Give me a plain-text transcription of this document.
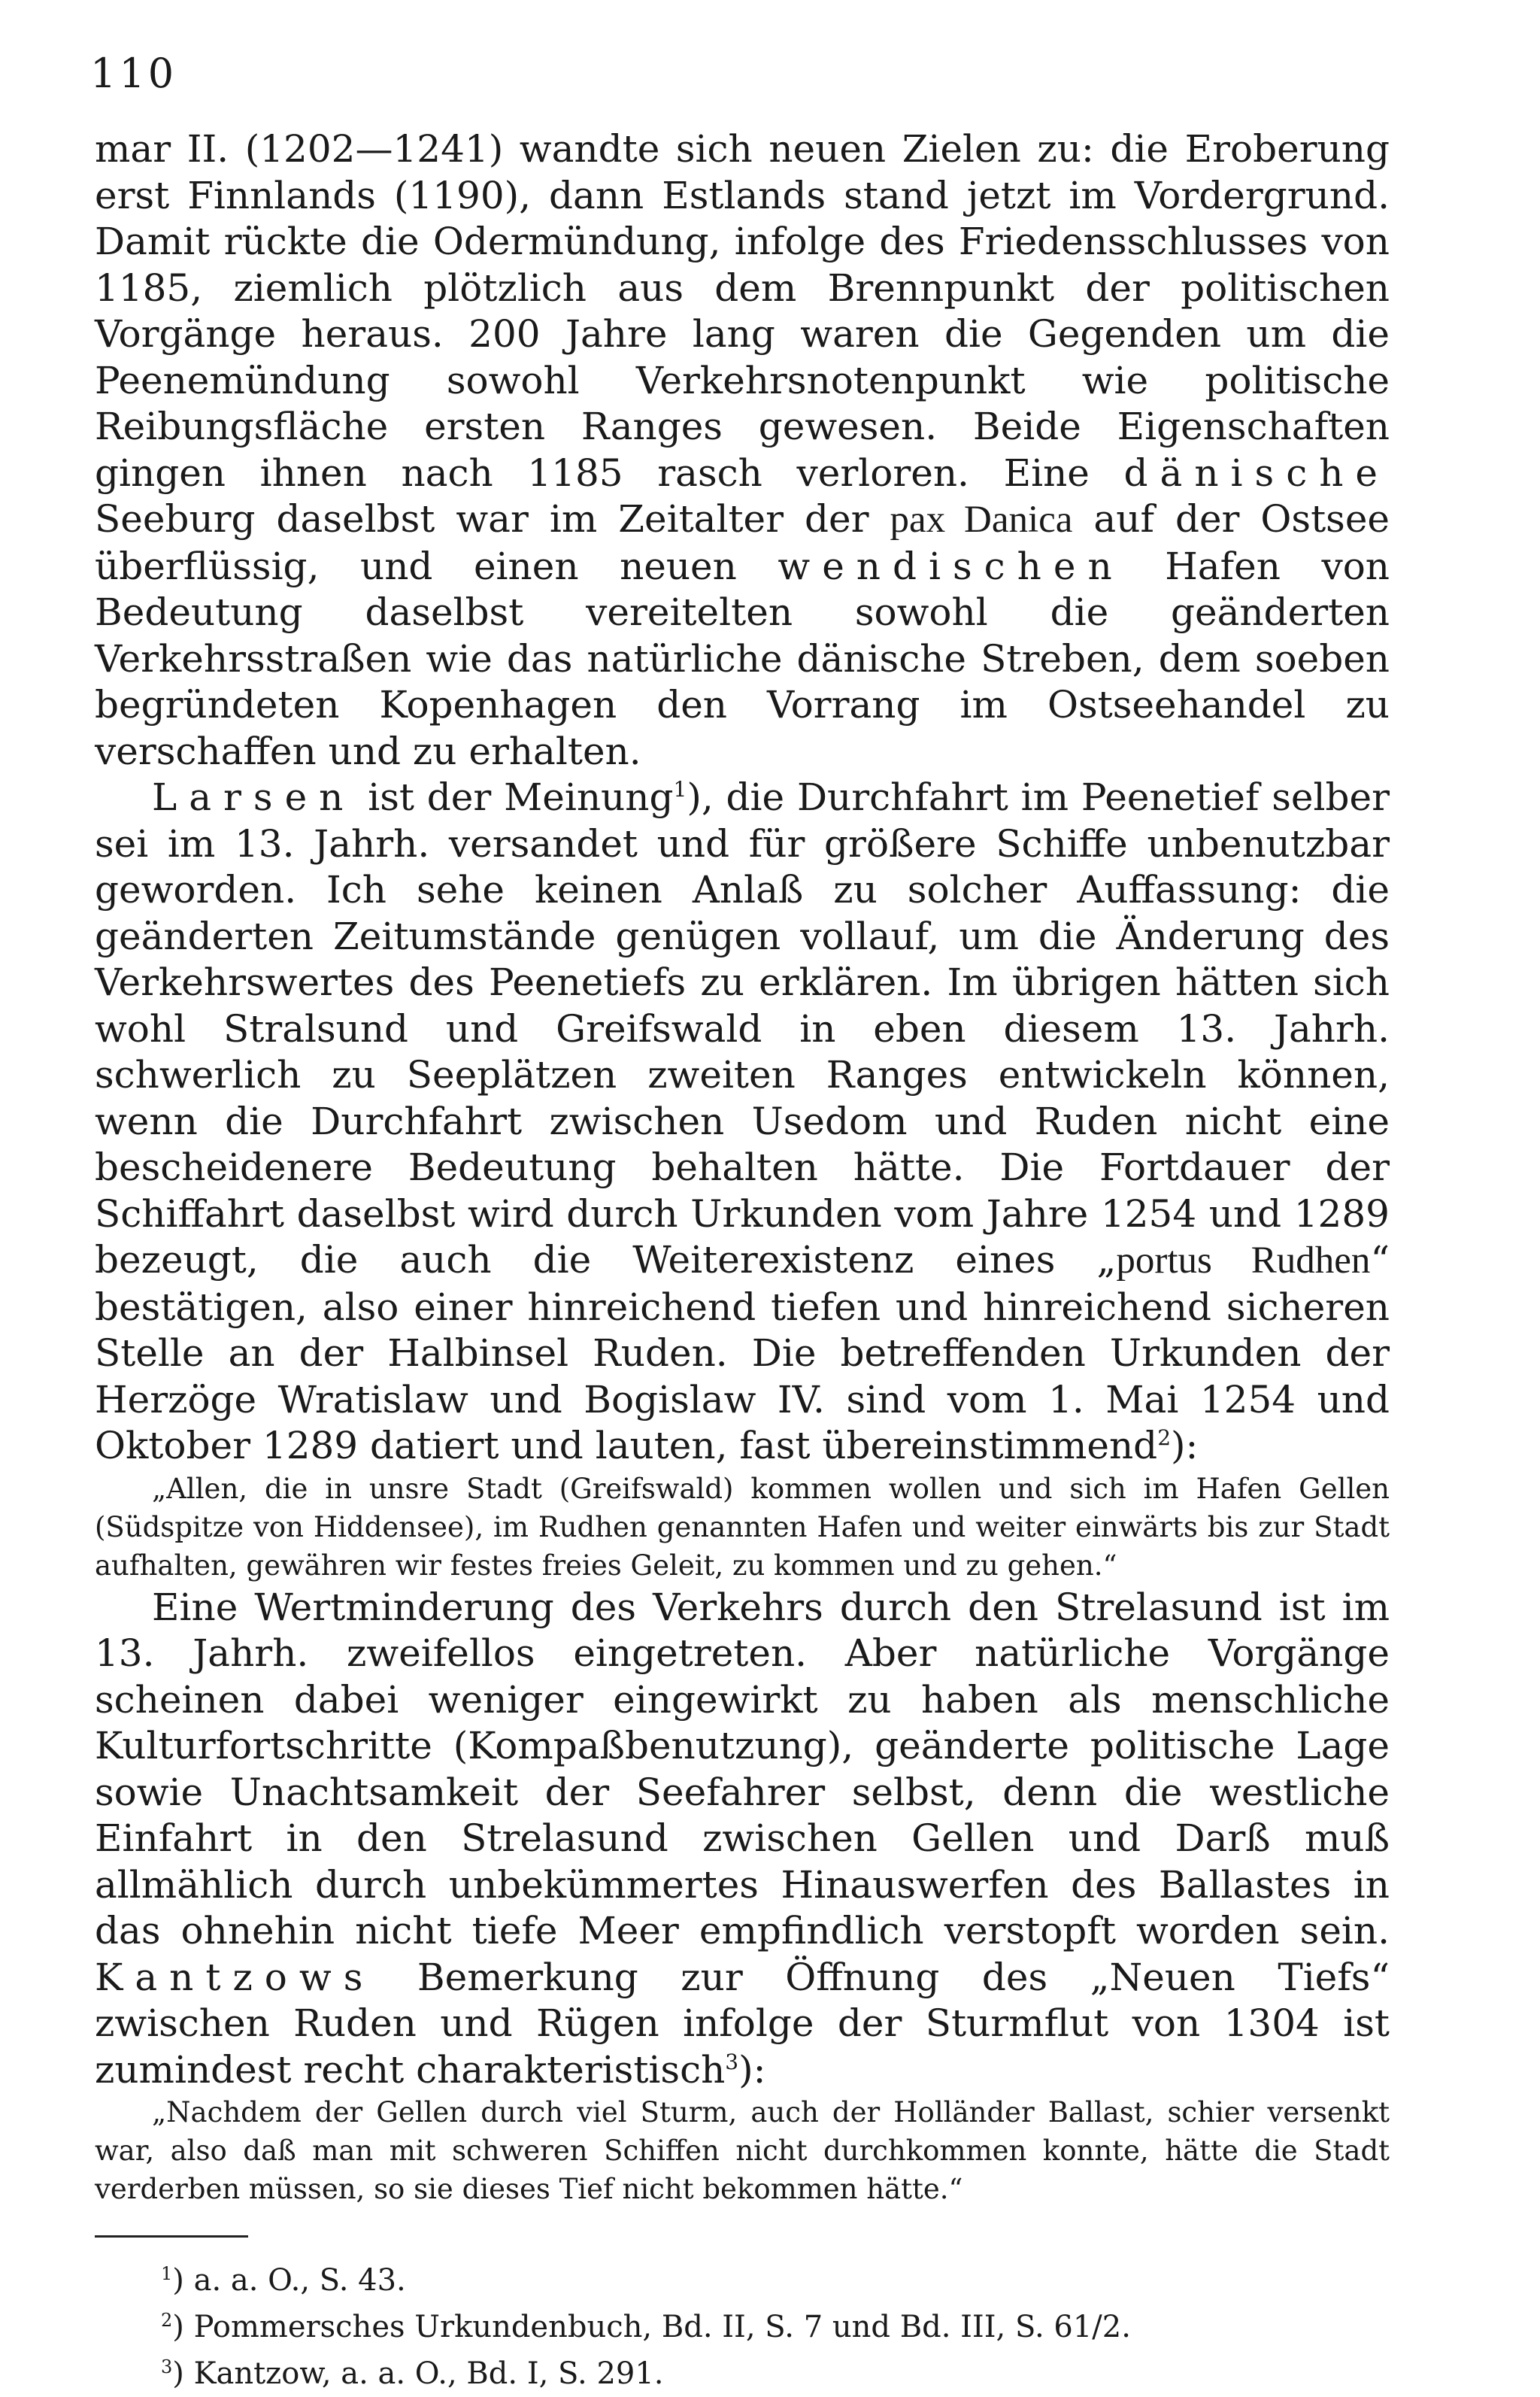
110

mar II. (1202—1241) wandte sich neuen Zielen zu: die Eroberung erst Finnlands (1190), dann Estlands stand jetzt im Vordergrund. Damit rückte die Odermündung, infolge des Friedensschlusses von 1185, ziemlich plötzlich aus dem Brennpunkt der politischen Vorgänge heraus. 200 Jahre lang waren die Gegenden um die Peenemündung sowohl Verkehrsnotenpunkt wie politische Reibungsfläche ersten Ranges gewesen. Beide Eigenschaften gingen ihnen nach 1185 rasch verloren. Eine dänische Seeburg daselbst war im Zeitalter der pax Danica auf der Ostsee überflüssig, und einen neuen wendischen Hafen von Bedeutung daselbst vereitelten sowohl die geänderten Verkehrsstraßen wie das natürliche dänische Streben, dem soeben begründeten Kopenhagen den Vorrang im Ostseehandel zu verschaffen und zu erhalten.

Larsen ist der Meinung$^1$), die Durchfahrt im Peenetief selber sei im 13. Jahrh. versandet und für größere Schiffe unbenutzbar geworden. Ich sehe keinen Anlaß zu solcher Auffassung: die geänderten Zeitumstände genügen vollauf, um die Änderung des Verkehrswertes des Peenetiefs zu erklären. Im übrigen hätten sich wohl Stralsund und Greifswald in eben diesem 13. Jahrh. schwerlich zu Seeplätzen zweiten Ranges entwickeln können, wenn die Durchfahrt zwischen Usedom und Ruden nicht eine bescheidenere Bedeutung behalten hätte. Die Fortdauer der Schiffahrt daselbst wird durch Urkunden vom Jahre 1254 und 1289 bezeugt, die auch die Weiterexistenz eines „portus Rudhen“ bestätigen, also einer hinreichend tiefen und hinreichend sicheren Stelle an der Halbinsel Ruden. Die betreffenden Urkunden der Herzöge Wratislaw und Bogislaw IV. sind vom 1. Mai 1254 und Oktober 1289 datiert und lauten, fast übereinstimmend$^2$):

„Allen, die in unsre Stadt (Greifswald) kommen wollen und sich im Hafen Gellen (Südspitze von Hiddensee), im Rudhen genannten Hafen und weiter einwärts bis zur Stadt aufhalten, gewähren wir festes freies Geleit, zu kommen und zu gehen.“

Eine Wertminderung des Verkehrs durch den Strelasund ist im 13. Jahrh. zweifellos eingetreten. Aber natürliche Vorgänge scheinen dabei weniger eingewirkt zu haben als menschliche Kulturfortschritte (Kompaßbenutzung), geänderte politische Lage sowie Unachtsamkeit der Seefahrer selbst, denn die westliche Einfahrt in den Strelasund zwischen Gellen und Darß muß allmählich durch unbekümmertes Hinauswerfen des Ballastes in das ohnehin nicht tiefe Meer empfindlich verstopft worden sein. Kantzows Bemerkung zur Öffnung des „Neuen Tiefs“ zwischen Ruden und Rügen infolge der Sturmflut von 1304 ist zumindest recht charakteristisch$^3$):

„Nachdem der Gellen durch viel Sturm, auch der Holländer Ballast, schier versenkt war, also daß man mit schweren Schiffen nicht durchkommen konnte, hätte die Stadt verderben müssen, so sie dieses Tief nicht bekommen hätte.“

$^1$) a. a. O., S. 43.

$^2$) Pommersches Urkundenbuch, Bd. II, S. 7 und Bd. III, S. 61/2.

$^3$) Kantzow, a. a. O., Bd. I, S. 291.
